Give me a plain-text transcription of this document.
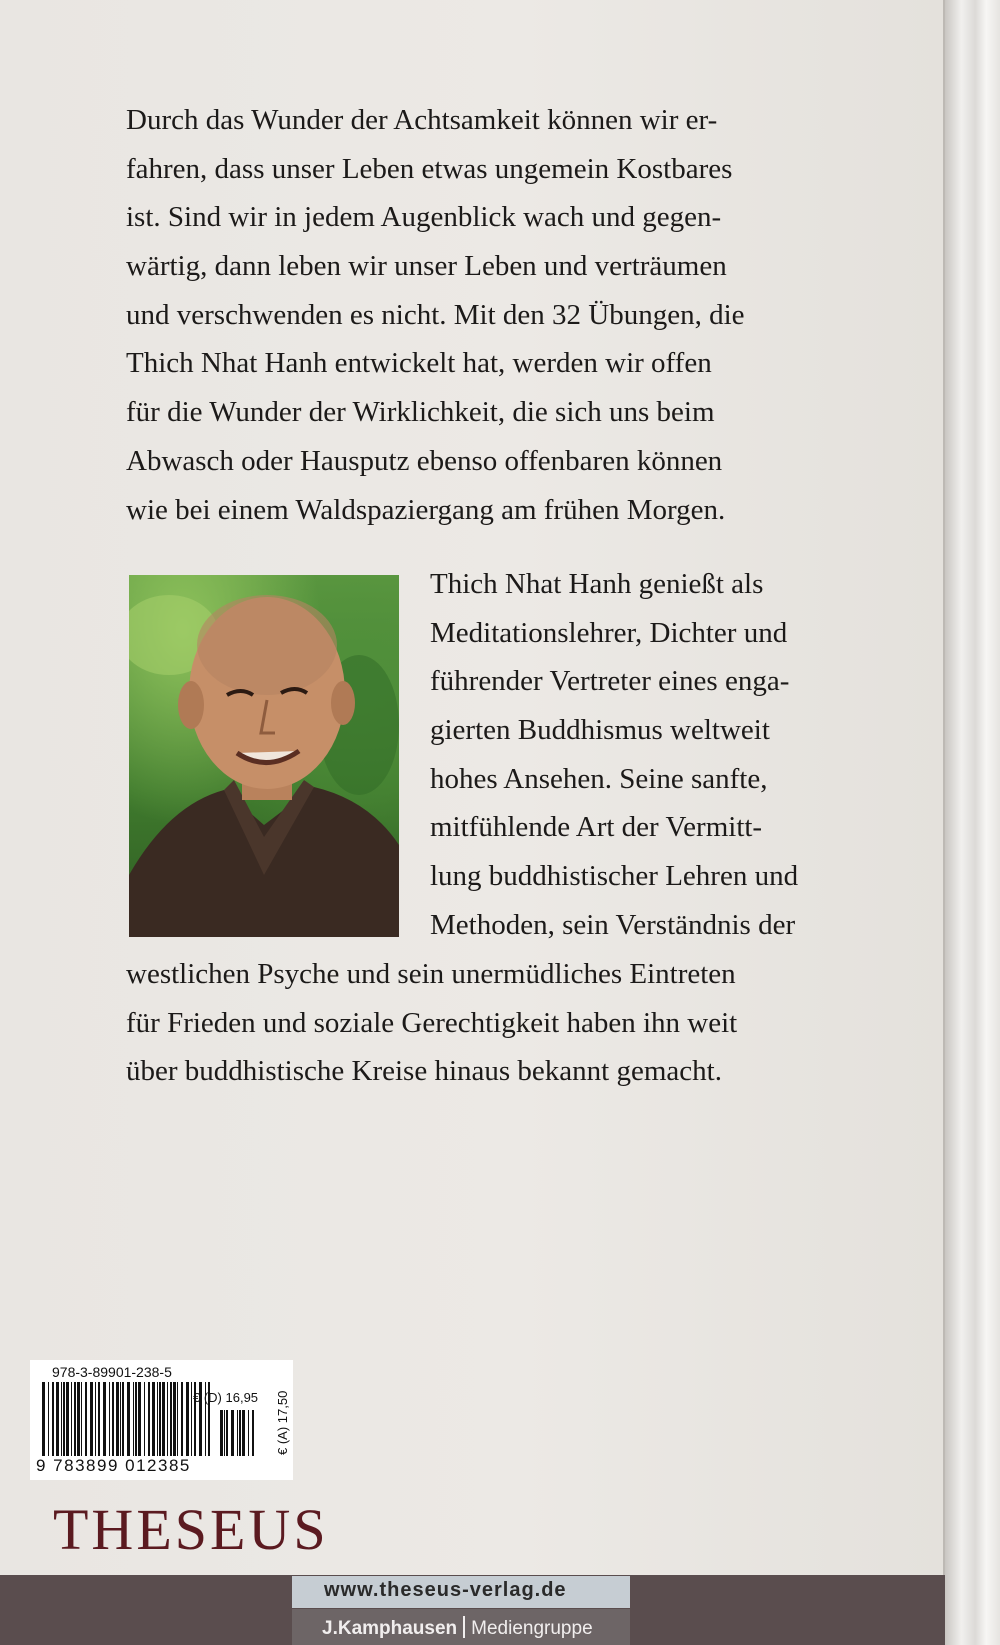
Durch das Wunder der Achtsamkeit können wir er-
fahren, dass unser Leben etwas ungemein Kostbares
ist. Sind wir in jedem Augenblick wach und gegen-
wärtig, dann leben wir unser Leben und verträumen
und verschwenden es nicht. Mit den 32 Übungen, die
Thich Nhat Hanh entwickelt hat, werden wir offen
für die Wunder der Wirklichkeit, die sich uns beim
Abwasch oder Hausputz ebenso offenbaren können
wie bei einem Waldspaziergang am frühen Morgen.

Thich Nhat Hanh genießt als
Meditationslehrer, Dichter und
führender Vertreter eines enga-
gierten Buddhismus weltweit
hohes Ansehen. Seine sanfte,
mitfühlende Art der Vermitt-
lung buddhistischer Lehren und
Methoden, sein Verständnis der

westlichen Psyche und sein unermüdliches Eintreten
für Frieden und soziale Gerechtigkeit haben ihn weit
über buddhistische Kreise hinaus bekannt gemacht.

978-3-89901-238-5

€ (D) 16,95 € (A) 17,50

9 783899 012385

THESEUS

www.theseus-verlag.de

J.Kamphausen Mediengruppe
